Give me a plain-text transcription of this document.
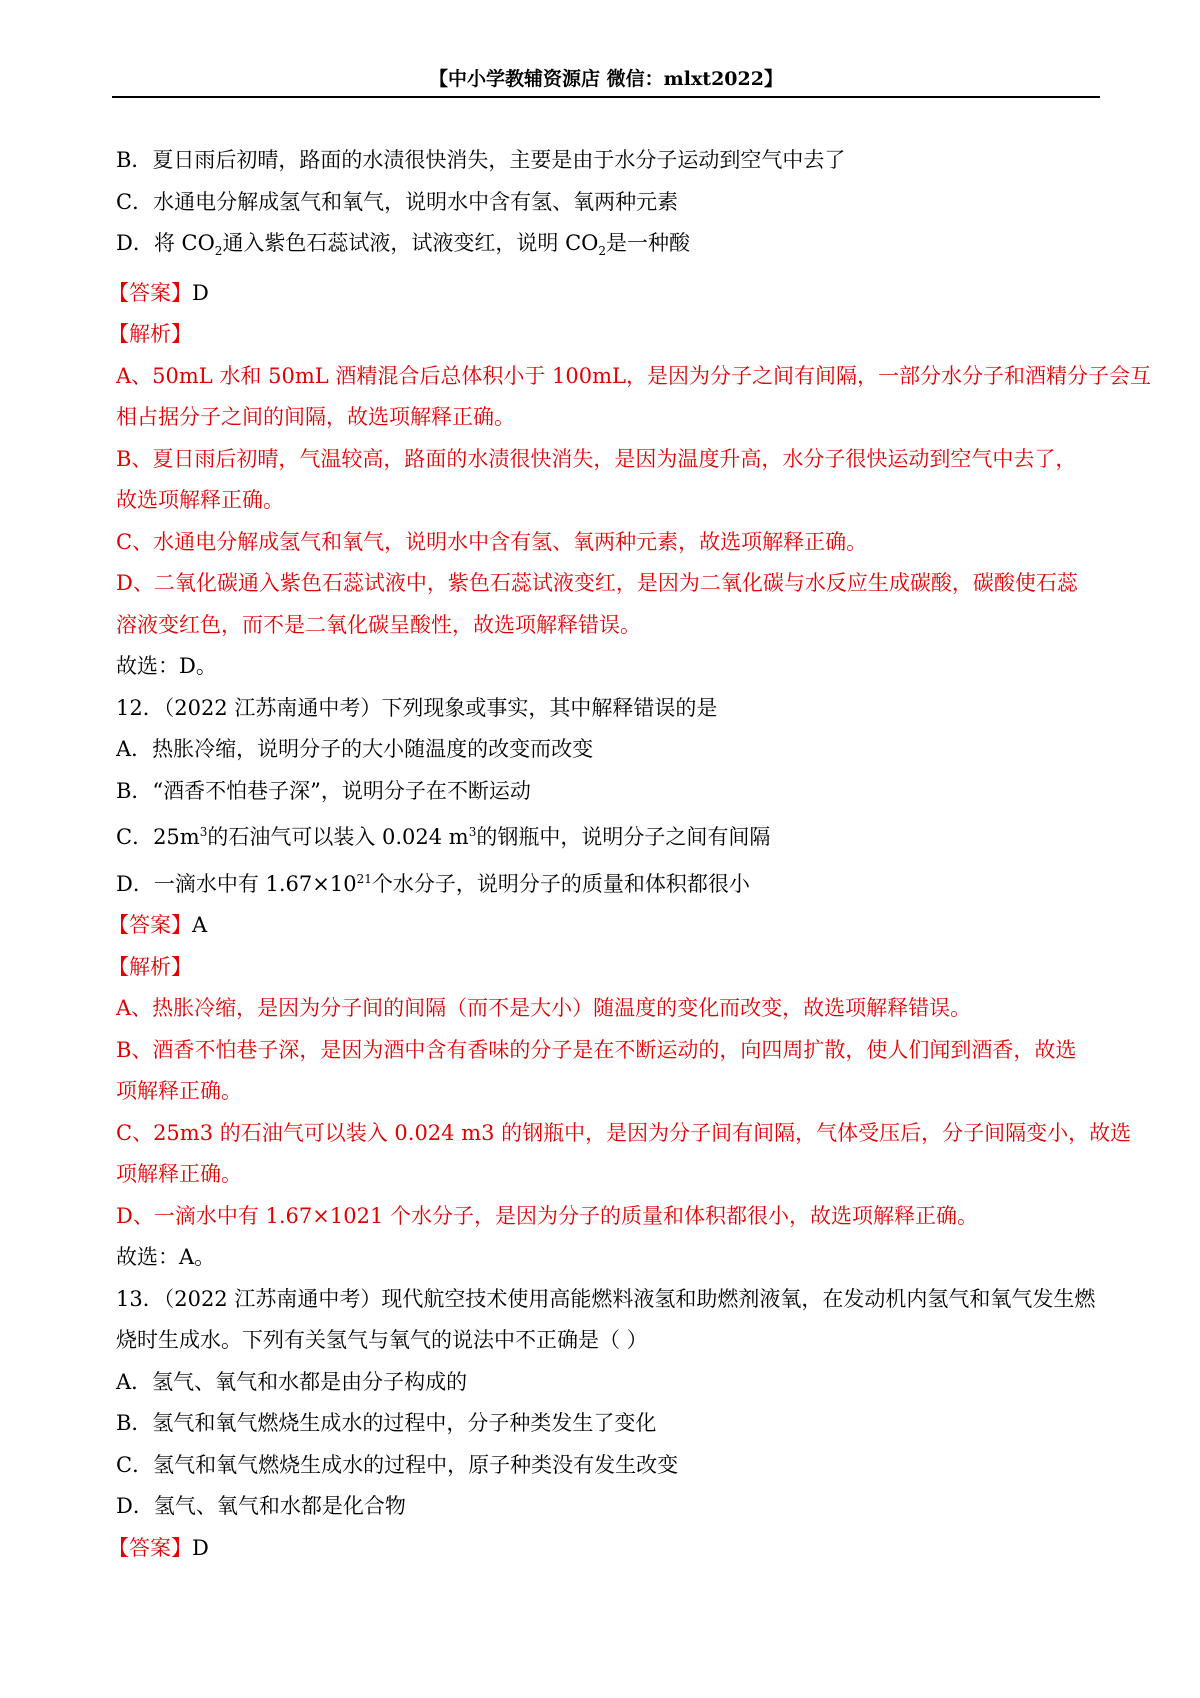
【中小学教辅资源店 微信：mlxt2022】
B．夏日雨后初晴，路面的水渍很快消失，主要是由于水分子运动到空气中去了
C．水通电分解成氢气和氧气，说明水中含有氢、氧两种元素
D．将 $CO_2$通入紫色石蕊试液，试液变红，说明 $CO_2$是一种酸
【答案】D
【解析】
A、50mL 水和 50mL 酒精混合后总体积小于 100mL，是因为分子之间有间隔，一部分水分子和酒精分子会互
相占据分子之间的间隔，故选项解释正确。
B、夏日雨后初晴，气温较高，路面的水渍很快消失，是因为温度升高，水分子很快运动到空气中去了，
故选项解释正确。
C、水通电分解成氢气和氧气，说明水中含有氢、氧两种元素，故选项解释正确。
D、二氧化碳通入紫色石蕊试液中，紫色石蕊试液变红，是因为二氧化碳与水反应生成碳酸，碳酸使石蕊
溶液变红色，而不是二氧化碳呈酸性，故选项解释错误。
故选：D。
12．（2022 江苏南通中考）下列现象或事实，其中解释错误的是
A．热胀冷缩，说明分子的大小随温度的改变而改变
B．“酒香不怕巷子深”，说明分子在不断运动
C．$25m^3$的石油气可以装入 0.024 $m^3$的钢瓶中，说明分子之间有间隔
D．一滴水中有 $1.67\times 10^{21}$个水分子，说明分子的质量和体积都很小
【答案】A
【解析】
A、热胀冷缩，是因为分子间的间隔（而不是大小）随温度的变化而改变，故选项解释错误。
B、酒香不怕巷子深，是因为酒中含有香味的分子是在不断运动的，向四周扩散，使人们闻到酒香，故选
项解释正确。
C、25m3 的石油气可以装入 0.024 m3 的钢瓶中，是因为分子间有间隔，气体受压后，分子间隔变小，故选
项解释正确。
D、一滴水中有 1.67×1021 个水分子，是因为分子的质量和体积都很小，故选项解释正确。
故选：A。
13．（2022 江苏南通中考）现代航空技术使用高能燃料液氢和助燃剂液氧，在发动机内氢气和氧气发生燃
烧时生成水。下列有关氢气与氧气的说法中不正确是（ ）
A．氢气、氧气和水都是由分子构成的
B．氢气和氧气燃烧生成水的过程中，分子种类发生了变化
C．氢气和氧气燃烧生成水的过程中，原子种类没有发生改变
D．氢气、氧气和水都是化合物
【答案】D
